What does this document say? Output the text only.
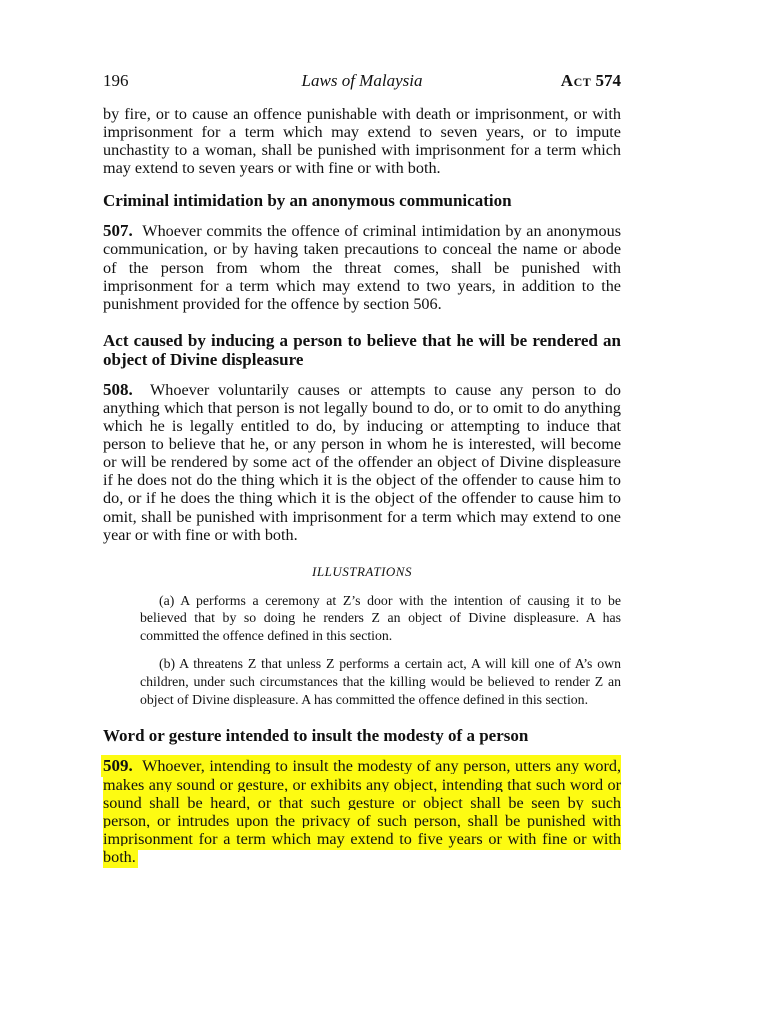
196	Laws of Malaysia	Act 574

by fire, or to cause an offence punishable with death or imprisonment, or with imprisonment for a term which may extend to seven years, or to impute unchastity to a woman, shall be punished with imprisonment for a term which may extend to seven years or with fine or with both.

Criminal intimidation by an anonymous communication

507. Whoever commits the offence of criminal intimidation by an anonymous communication, or by having taken precautions to conceal the name or abode of the person from whom the threat comes, shall be punished with imprisonment for a term which may extend to two years, in addition to the punishment provided for the offence by section 506.

Act caused by inducing a person to believe that he will be rendered an object of Divine displeasure

508. Whoever voluntarily causes or attempts to cause any person to do anything which that person is not legally bound to do, or to omit to do anything which he is legally entitled to do, by inducing or attempting to induce that person to believe that he, or any person in whom he is interested, will become or will be rendered by some act of the offender an object of Divine displeasure if he does not do the thing which it is the object of the offender to cause him to do, or if he does the thing which it is the object of the offender to cause him to omit, shall be punished with imprisonment for a term which may extend to one year or with fine or with both.

ILLUSTRATIONS

(a) A performs a ceremony at Z’s door with the intention of causing it to be believed that by so doing he renders Z an object of Divine displeasure. A has committed the offence defined in this section.

(b) A threatens Z that unless Z performs a certain act, A will kill one of A’s own children, under such circumstances that the killing would be believed to render Z an object of Divine displeasure. A has committed the offence defined in this section.

Word or gesture intended to insult the modesty of a person

509. Whoever, intending to insult the modesty of any person, utters any word, makes any sound or gesture, or exhibits any object, intending that such word or sound shall be heard, or that such gesture or object shall be seen by such person, or intrudes upon the privacy of such person, shall be punished with imprisonment for a term which may extend to five years or with fine or with both.
